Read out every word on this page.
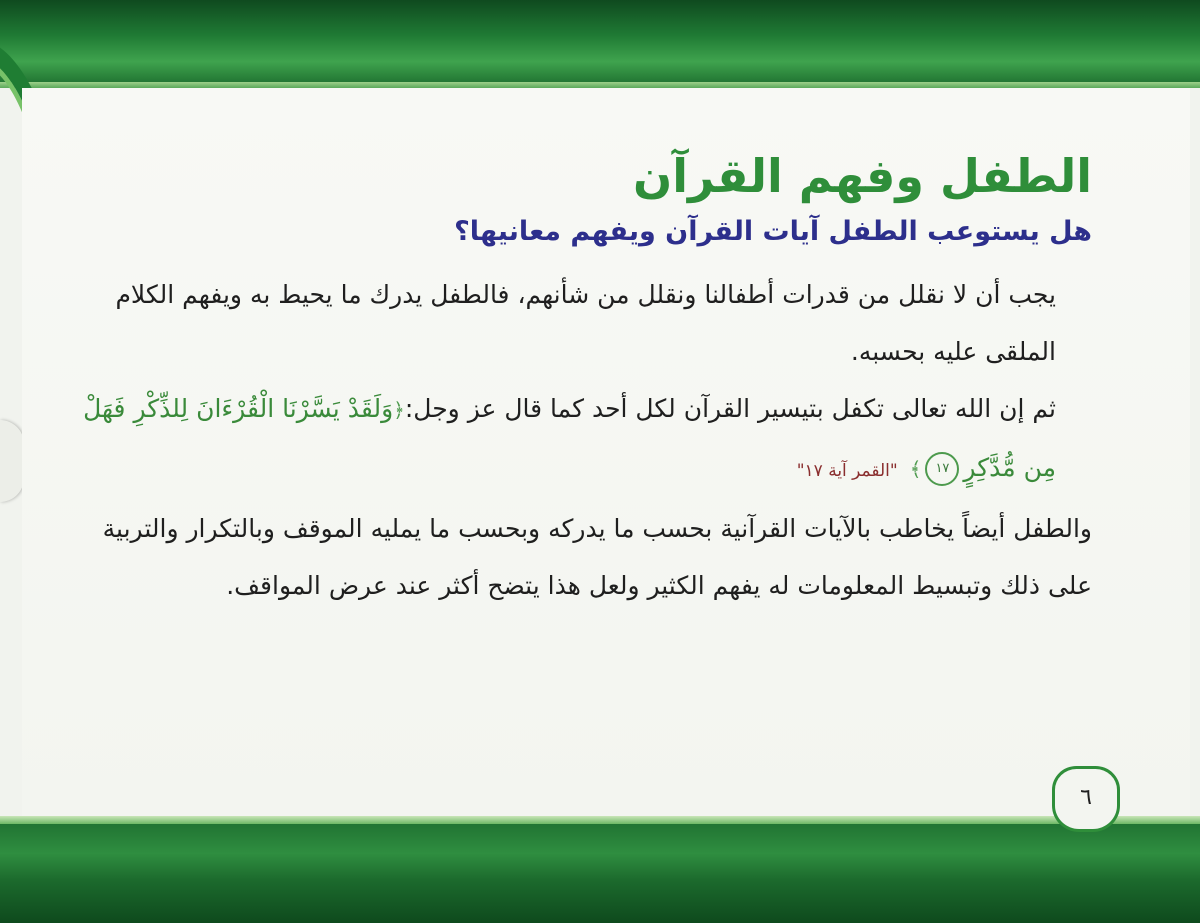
الطفل وفهم القرآن
هل يستوعب الطفل آيات القرآن ويفهم معانيها؟

يجب أن لا نقلل من قدرات أطفالنا ونقلل من شأنهم، فالطفل يدرك ما يحيط به ويفهم الكلام الملقى عليه بحسبه.

ثم إن الله تعالى تكفل بتيسير القرآن لكل أحد كما قال عز وجل:﴿وَلَقَدْ يَسَّرْنَا الْقُرْءَانَ لِلذِّكْرِ فَهَلْ مِن مُّدَّكِرٍ١٧﴾"القمر آية ١٧"

والطفل أيضاً يخاطب بالآيات القرآنية بحسب ما يدركه وبحسب ما يمليه الموقف وبالتكرار والتربية على ذلك وتبسيط المعلومات له يفهم الكثير ولعل هذا يتضح أكثر عند عرض المواقف.

٦
